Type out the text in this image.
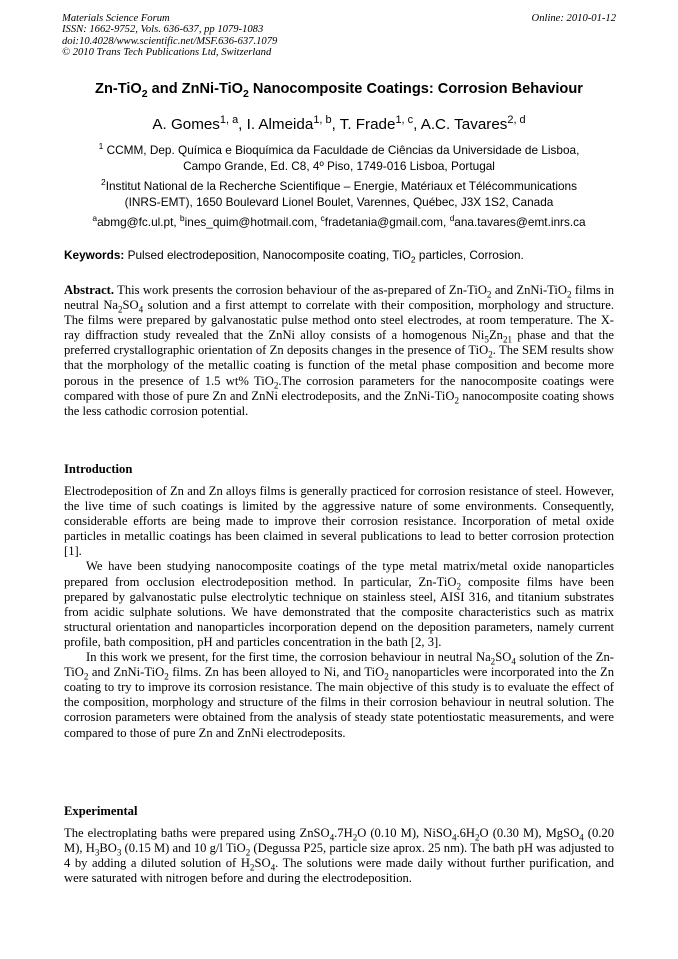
Materials Science Forum
ISSN: 1662-9752, Vols. 636-637, pp 1079-1083
doi:10.4028/www.scientific.net/MSF.636-637.1079
© 2010 Trans Tech Publications Ltd, Switzerland
Online: 2010-01-12
Zn-TiO$_2$ and ZnNi-TiO$_2$ Nanocomposite Coatings: Corrosion Behaviour
A. Gomes$^{1, a}$, I. Almeida$^{1, b}$, T. Frade$^{1, c}$, A.C. Tavares$^{2, d}$
$^1$ CCMM, Dep. Química e Bioquímica da Faculdade de Ciências da Universidade de Lisboa,
Campo Grande, Ed. C8, 4º Piso, 1749-016 Lisboa, Portugal
$^2$Institut National de la Recherche Scientifique – Energie, Matériaux et Télécommunications
(INRS-EMT), 1650 Boulevard Lionel Boulet, Varennes, Québec, J3X 1S2, Canada
$^a$abmg@fc.ul.pt, $^b$ines_quim@hotmail.com, $^c$fradetania@gmail.com, $^d$ana.tavares@emt.inrs.ca
Keywords: Pulsed electrodeposition, Nanocomposite coating, TiO$_2$ particles, Corrosion.

Abstract. This work presents the corrosion behaviour of the as-prepared of Zn-TiO$_2$ and ZnNi-TiO$_2$ films in neutral $Na_2SO_4$ solution and a first attempt to correlate with their composition, morphology and structure. The films were prepared by galvanostatic pulse method onto steel electrodes, at room temperature. The X-ray diffraction study revealed that the ZnNi alloy consists of a homogenous $Ni_5Zn_{21}$ phase and that the preferred crystallographic orientation of Zn deposits changes in the presence of TiO$_2$. The SEM results show that the morphology of the metallic coating is function of the metal phase composition and become more porous in the presence of 1.5 wt% TiO$_2$.The corrosion parameters for the nanocomposite coatings were compared with those of pure Zn and ZnNi electrodeposits, and the ZnNi-TiO$_2$ nanocomposite coating shows the less cathodic corrosion potential.

Introduction

Electrodeposition of Zn and Zn alloys films is generally practiced for corrosion resistance of steel. However, the live time of such coatings is limited by the aggressive nature of some environments. Consequently, considerable efforts are being made to improve their corrosion resistance. Incorporation of metal oxide particles in metallic coatings has been claimed in several publications to lead to better corrosion protection [1].

We have been studying nanocomposite coatings of the type metal matrix/metal oxide nanoparticles prepared from occlusion electrodeposition method. In particular, Zn-TiO$_2$ composite films have been prepared by galvanostatic pulse electrolytic technique on stainless steel, AISI 316, and titanium substrates from acidic sulphate solutions. We have demonstrated that the composite characteristics such as matrix structural orientation and nanoparticles incorporation depend on the deposition parameters, namely current profile, bath composition, pH and particles concentration in the bath [2, 3].

In this work we present, for the first time, the corrosion behaviour in neutral $Na_2SO_4$ solution of the Zn-TiO$_2$ and ZnNi-TiO$_2$ films. Zn has been alloyed to Ni, and TiO$_2$ nanoparticles were incorporated into the Zn coating to try to improve its corrosion resistance. The main objective of this study is to evaluate the effect of the composition, morphology and structure of the films in their corrosion behaviour in neutral solution. The corrosion parameters were obtained from the analysis of steady state potentiostatic measurements, and were compared to those of pure Zn and ZnNi electrodeposits.

Experimental

The electroplating baths were prepared using $ZnSO_4.7H_2O$ (0.10 M), $NiSO_4.6H_2O$ (0.30 M), MgSO$_4$ (0.20 M), $H_3BO_3$ (0.15 M) and 10 g/l TiO$_2$ (Degussa P25, particle size aprox. 25 nm). The bath pH was adjusted to 4 by adding a diluted solution of $H_2SO_4$. The solutions were made daily without further purification, and were saturated with nitrogen before and during the electrodeposition.
